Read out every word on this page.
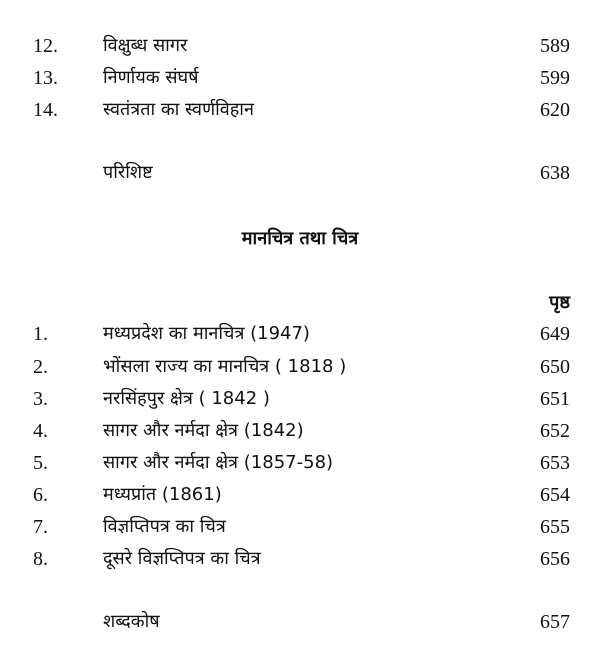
12.	विक्षुब्ध सागर	589
13.	निर्णायक संघर्ष	599
14.	स्वतंत्रता का स्वर्णविहान	620
परिशिष्ट	638
मानचित्र तथा चित्र
पृष्ठ
1.	मध्यप्रदेश का मानचित्र (1947)	649
2.	भोंसला राज्य का मानचित्र ( 1818 )	650
3.	नरसिंहपुर क्षेत्र ( 1842 )	651
4.	सागर और नर्मदा क्षेत्र (1842)	652
5.	सागर और नर्मदा क्षेत्र (1857-58)	653
6.	मध्यप्रांत (1861)	654
7.	विज्ञप्तिपत्र का चित्र	655
8.	दूसरे विज्ञप्तिपत्र का चित्र	656
शब्दकोष	657
